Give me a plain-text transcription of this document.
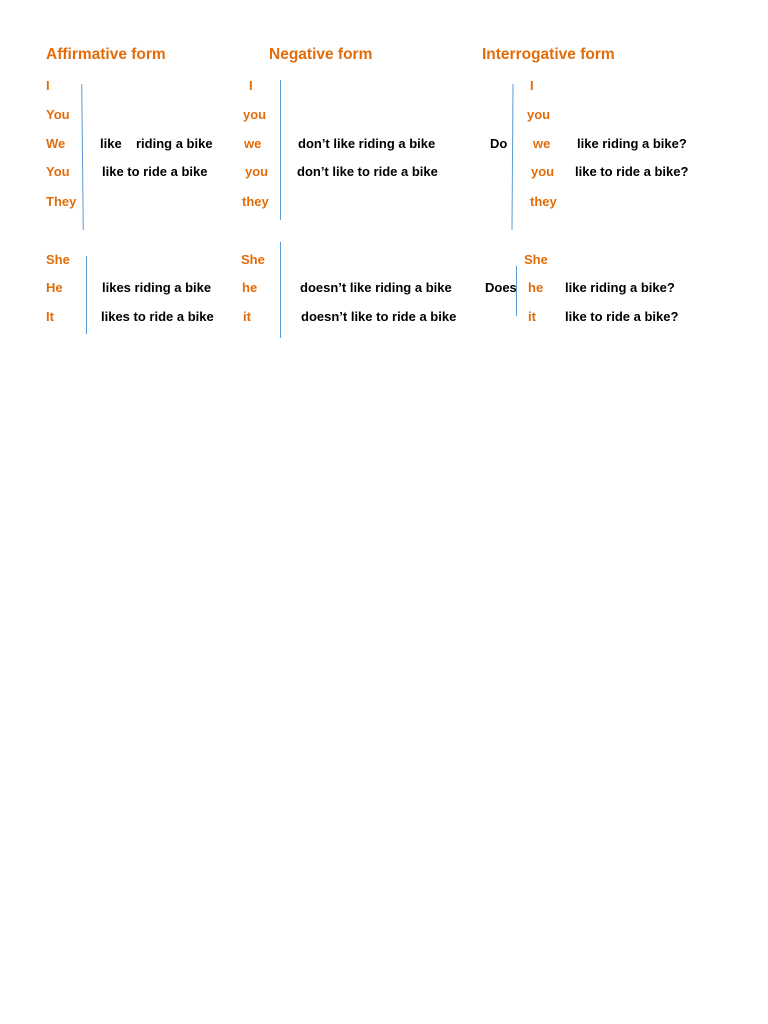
Affirmative form	Negative form	Interrogative form
I
You
We
You
They
like riding a bike
like to ride a bike
She
He
It
likes riding a bike
likes to ride a bike
I
you
we
you
they
don’t like riding a bike
don’t like to ride a bike
She
he
it
doesn’t like riding a bike
doesn’t like to ride a bike
Do
I
you
we
you
they
like riding a bike?
like to ride a bike?
Does
She
he
it
like riding a bike?
like to ride a bike?
